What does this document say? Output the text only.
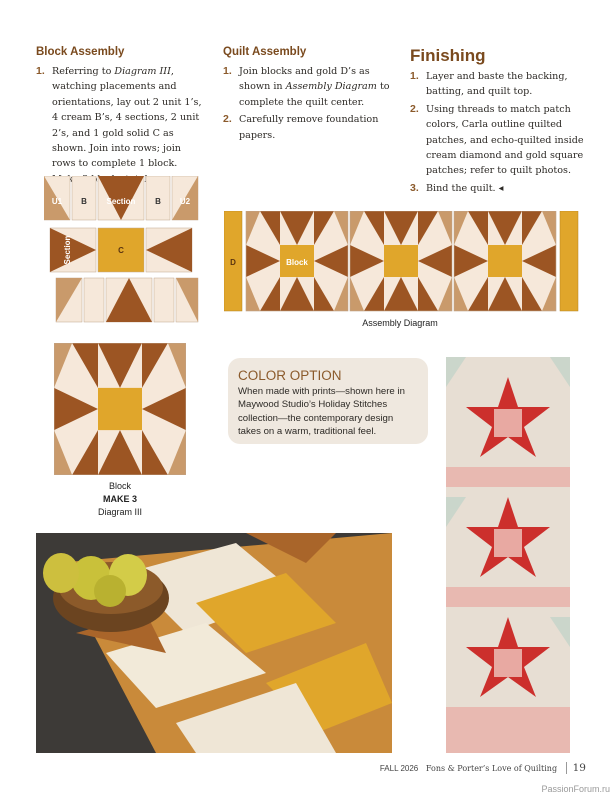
Block Assembly
1. Referring to Diagram III, watching placements and orientations, lay out 2 unit 1’s, 4 cream B’s, 4 sections, 2 unit 2’s, and 1 gold solid C as shown. Join into rows; join rows to complete 1 block.
Quilt Assembly
1. Join blocks and gold D’s as shown in Assembly Diagram to complete the quilt center.
2. Carefully remove foundation papers.
Finishing
1. Layer and baste the backing, batting, and quilt top.
2. Using threads to match patch colors, Carla outline quilted patches, and echo-quilted inside cream diamond and gold square patches; refer to quilt photos.
3. Bind the quilt. ◂
U1 B Section B U2
Section	C
D	Block
Assembly Diagram
Block
MAKE 3
Diagram III
COLOR OPTION
When made with prints—shown here in Maywood Studio’s Holiday Stitches collection—the contemporary design takes on a warm, traditional feel.
FALL 2026 Fons & Porter’s Love of Quilting 19
PassionForum.ru
